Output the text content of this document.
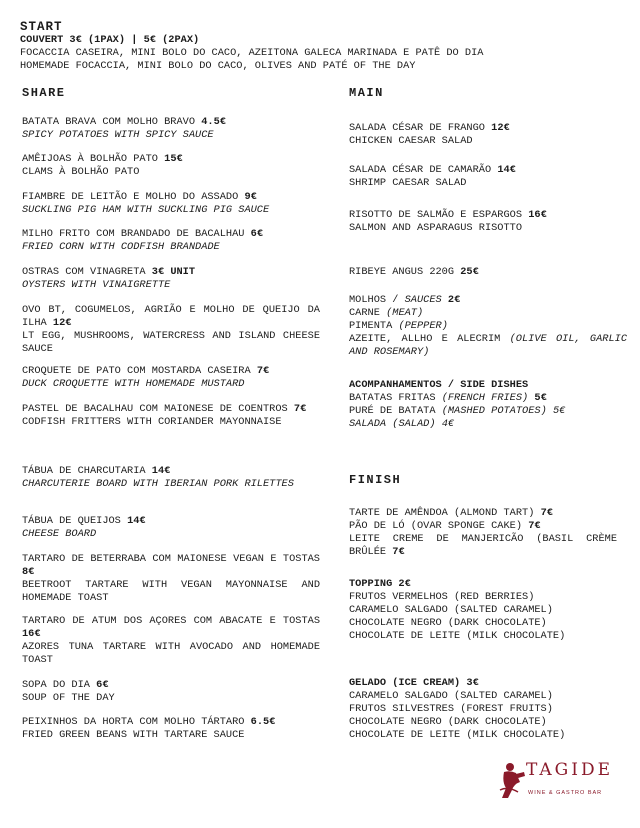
START
COUVERT 3€ (1PAX) | 5€ (2PAX)
FOCACCIA CASEIRA, MINI BOLO DO CACO, AZEITONA GALECA MARINADA E PATÊ DO DIA
HOMEMADE FOCACCIA, MINI BOLO DO CACO, OLIVES AND PATÉ OF THE DAY
SHARE
BATATA BRAVA COM MOLHO BRAVO 4.5€
SPICY POTATOES WITH SPICY SAUCE
AMÊIJOAS À BOLHÃO PATO 15€
CLAMS À BOLHÃO PATO
FIAMBRE DE LEITÃO E MOLHO DO ASSADO 9€
SUCKLING PIG HAM WITH SUCKLING PIG SAUCE
MILHO FRITO COM BRANDADO DE BACALHAU 6€
FRIED CORN WITH CODFISH BRANDADE
OSTRAS COM VINAGRETA 3€ UNIT
OYSTERS WITH VINAIGRETTE
OVO BT, COGUMELOS, AGRIÃO E MOLHO DE QUEIJO DA ILHA 12€
LT EGG, MUSHROOMS, WATERCRESS AND ISLAND CHEESE SAUCE
CROQUETE DE PATO COM MOSTARDA CASEIRA 7€
DUCK CROQUETTE WITH HOMEMADE MUSTARD
PASTEL DE BACALHAU COM MAIONESE DE COENTROS 7€
CODFISH FRITTERS WITH CORIANDER MAYONNAISE
TÁBUA DE CHARCUTARIA 14€
CHARCUTERIE BOARD WITH IBERIAN PORK RILETTES
TÁBUA DE QUEIJOS 14€
CHEESE BOARD
TARTARO DE BETERRABA COM MAIONESE VEGAN E TOSTAS 8€
BEETROOT TARTARE WITH VEGAN MAYONNAISE AND HOMEMADE TOAST
TARTARO DE ATUM DOS AÇORES COM ABACATE E TOSTAS 16€
AZORES TUNA TARTARE WITH AVOCADO AND HOMEMADE TOAST
SOPA DO DIA 6€
SOUP OF THE DAY
PEIXINHOS DA HORTA COM MOLHO TÁRTARO 6.5€
FRIED GREEN BEANS WITH TARTARE SAUCE
MAIN
SALADA CÉSAR DE FRANGO 12€
CHICKEN CAESAR SALAD
SALADA CÉSAR DE CAMARÃO 14€
SHRIMP CAESAR SALAD
RISOTTO DE SALMÃO E ESPARGOS 16€
SALMON AND ASPARAGUS RISOTTO
RIBEYE ANGUS 220G 25€
MOLHOS / SAUCES 2€
CARNE (MEAT)
PIMENTA (PEPPER)
AZEITE, ALLHO E ALECRIM (OLIVE OIL, GARLIC AND ROSEMARY)
ACOMPANHAMENTOS / SIDE DISHES
BATATAS FRITAS (FRENCH FRIES) 5€
PURÉ DE BATATA (MASHED POTATOES) 5€
SALADA (SALAD) 4€
FINISH
TARTE DE AMÊNDOA (ALMOND TART) 7€
PÃO DE LÓ (OVAR SPONGE CAKE) 7€
LEITE CREME DE MANJERICÃO (BASIL CRÈME BRÛLÉE 7€
TOPPING 2€
FRUTOS VERMELHOS (RED BERRIES)
CARAMELO SALGADO (SALTED CARAMEL)
CHOCOLATE NEGRO (DARK CHOCOLATE)
CHOCOLATE DE LEITE (MILK CHOCOLATE)
GELADO (ICE CREAM) 3€
CARAMELO SALGADO (SALTED CARAMEL)
FRUTOS SILVESTRES (FOREST FRUITS)
CHOCOLATE NEGRO (DARK CHOCOLATE)
CHOCOLATE DE LEITE (MILK CHOCOLATE)
TAGIDE
WINE & GASTRO BAR
